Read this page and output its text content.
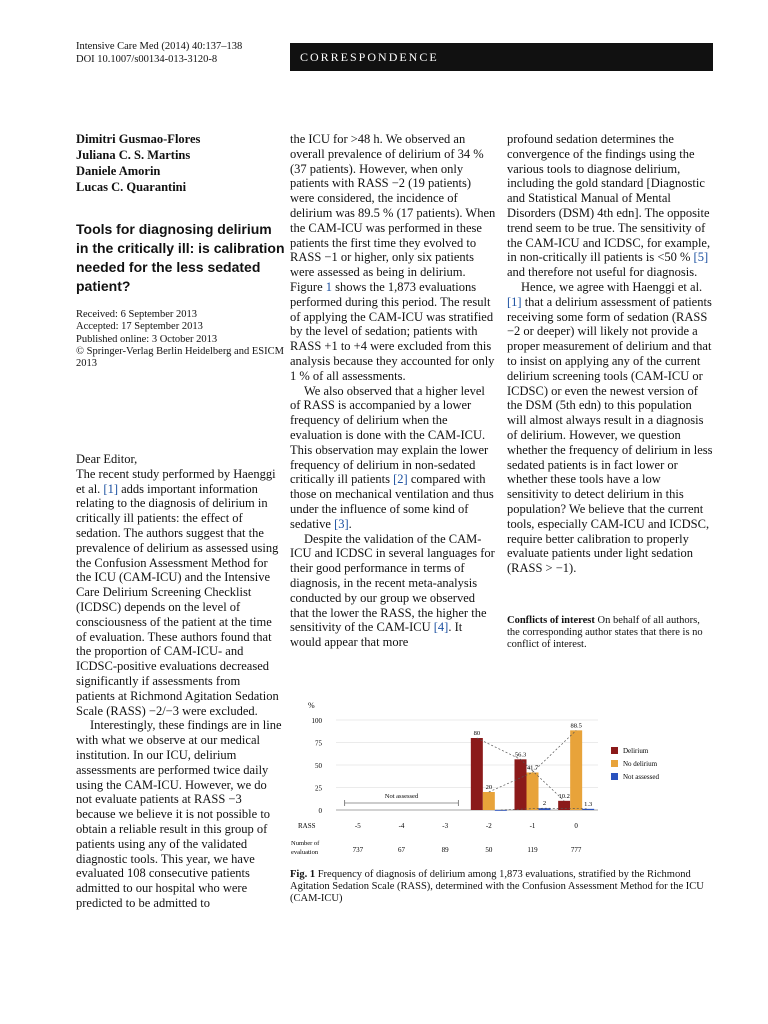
Intensive Care Med (2014) 40:137–138
DOI 10.1007/s00134-013-3120-8	CORRESPONDENCE
Dimitri Gusmao-Flores
Juliana C. S. Martins
Daniele Amorin
Lucas C. Quarantini
Tools for diagnosing delirium in the critically ill: is calibration needed for the less sedated patient?
Received: 6 September 2013
Accepted: 17 September 2013
Published online: 3 October 2013
© Springer-Verlag Berlin Heidelberg and ESICM 2013

Dear Editor,

The recent study performed by Haenggi et al. [1] adds important information relating to the diagnosis of delirium in critically ill patients: the effect of sedation. The authors suggest that the prevalence of delirium as assessed using the Confusion Assessment Method for the ICU (CAM-ICU) and the Intensive Care Delirium Screening Checklist (ICDSC) depends on the level of consciousness of the patient at the time of evaluation. These authors found that the proportion of CAM-ICU- and ICDSC-positive evaluations decreased significantly if assessments from patients at Richmond Agitation Sedation Scale (RASS) −2/−3 were excluded.

Interestingly, these findings are in line with what we observe at our medical institution. In our ICU, delirium assessments are performed twice daily using the CAM-ICU. However, we do not evaluate patients at RASS −3 because we believe it is not possible to obtain a reliable result in this group of patients using any of the validated diagnostic tools. This year, we have evaluated 108 consecutive patients admitted to our hospital who were predicted to be admitted to

the ICU for >48 h. We observed an overall prevalence of delirium of 34 % (37 patients). However, when only patients with RASS −2 (19 patients) were considered, the incidence of delirium was 89.5 % (17 patients). When the CAM-ICU was performed in these patients the first time they evolved to RASS −1 or higher, only six patients were assessed as being in delirium. Figure 1 shows the 1,873 evaluations performed during this period. The result of applying the CAM-ICU was stratified by the level of sedation; patients with RASS +1 to +4 were excluded from this analysis because they accounted for only 1 % of all assessments.

We also observed that a higher level of RASS is accompanied by a lower frequency of delirium when the evaluation is done with the CAM-ICU. This observation may explain the lower frequency of delirium in non-sedated critically ill patients [2] compared with those on mechanical ventilation and thus under the influence of some kind of sedative [3].

Despite the validation of the CAM-ICU and ICDSC in several languages for their good performance in terms of diagnosis, in the recent meta-analysis conducted by our group we observed that the lower the RASS, the higher the sensitivity of the CAM-ICU [4]. It would appear that more

profound sedation determines the convergence of the findings using the various tools to diagnose delirium, including the gold standard [Diagnostic and Statistical Manual of Mental Disorders (DSM) 4th edn]. The opposite trend seem to be true. The sensitivity of the CAM-ICU and ICDSC, for example, in non-critically ill patients is <50 % [5] and therefore not useful for diagnosis.

Hence, we agree with Haenggi et al. [1] that a delirium assessment of patients receiving some form of sedation (RASS −2 or deeper) will likely not provide a proper measurement of delirium and that to insist on applying any of the current delirium screening tools (CAM-ICU or ICDSC) or even the newest version of the DSM (5th edn) to this population will almost always result in a diagnosis of delirium. However, we question whether the frequency of delirium in less sedated patients is in fact lower or whether these tools have a low sensitivity to detect delirium in this population? We believe that the current tools, especially CAM-ICU and ICDSC, require better calibration to properly evaluate patients under light sedation (RASS > −1).

Conflicts of interest On behalf of all authors, the corresponding author states that there is no conflict of interest.
%
0
25
50
75
100
RASS
Number of
evaluation
-5
737
-4
67
-3
89
-2
50
-1
119
0
777
80
20
56.3
41.7
2
10.2
88.5
1.3
Not assessed
Delirium
No delirium
Not assessed
Fig. 1 Frequency of diagnosis of delirium among 1,873 evaluations, stratified by the Richmond Agitation Sedation Scale (RASS), determined with the Confusion Assessment Method for the ICU (CAM-ICU)
